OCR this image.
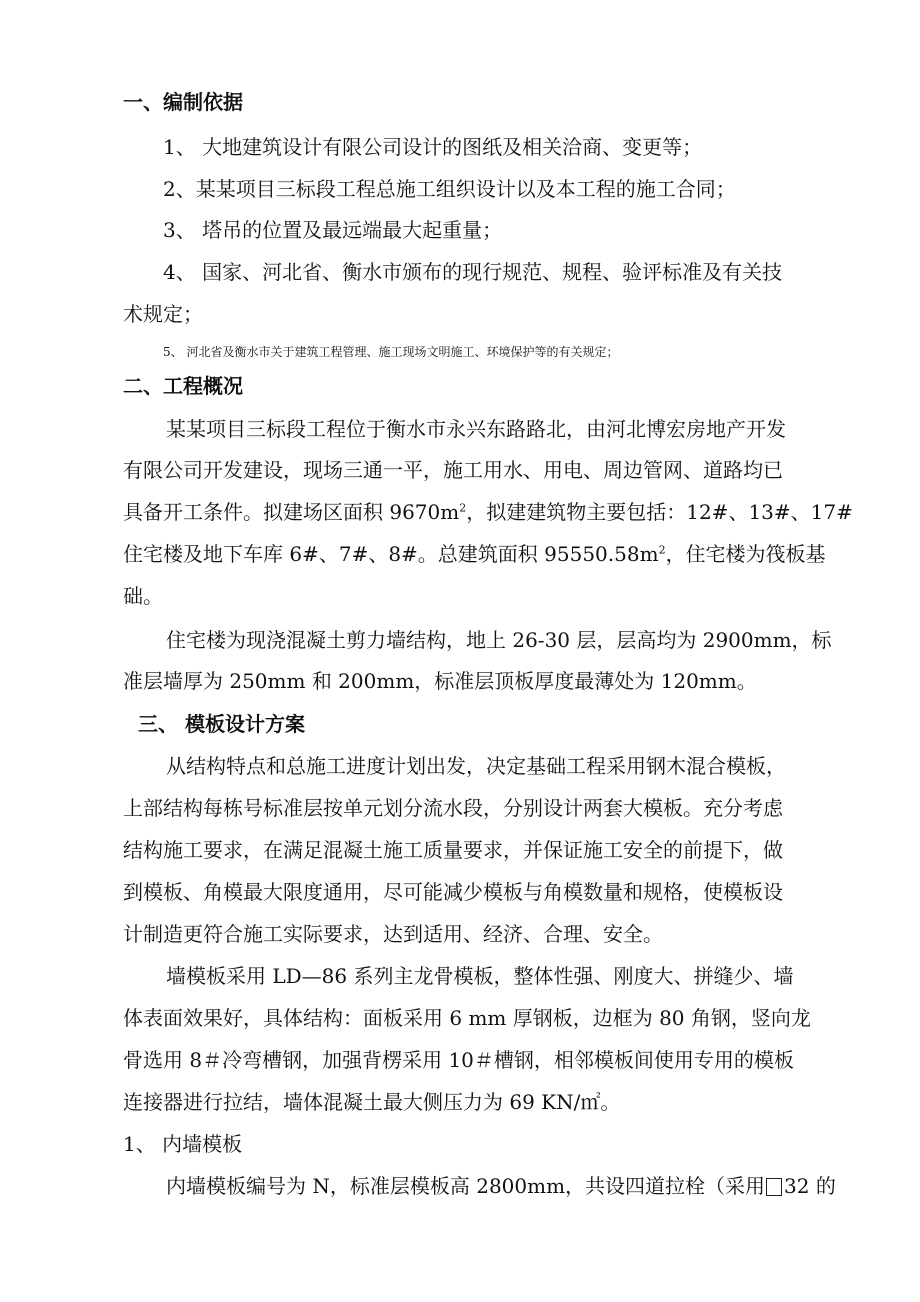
一、编制依据
1、 大地建筑设计有限公司设计的图纸及相关洽商、变更等；
2、某某项目三标段工程总施工组织设计以及本工程的施工合同；
3、 塔吊的位置及最远端最大起重量；
4、 国家、河北省、衡水市颁布的现行规范、规程、验评标准及有关技
术规定；
5、 河北省及衡水市关于建筑工程管理、施工现场文明施工、环境保护等的有关规定；
二、工程概况
某某项目三标段工程位于衡水市永兴东路路北，由河北博宏房地产开发
有限公司开发建设，现场三通一平，施工用水、用电、周边管网、道路均已
具备开工条件。拟建场区面积 $9670m^2$，拟建建筑物主要包括：12#、13#、17#
住宅楼及地下车库 6#、7#、8#。总建筑面积 $95550.58m^2$，住宅楼为筏板基
础。
住宅楼为现浇混凝土剪力墙结构，地上 26-30 层，层高均为 2900mm，标
准层墙厚为 250mm 和 200mm，标准层顶板厚度最薄处为 120mm。
三、 模板设计方案
从结构特点和总施工进度计划出发，决定基础工程采用钢木混合模板，
上部结构每栋号标准层按单元划分流水段，分别设计两套大模板。充分考虑
结构施工要求，在满足混凝土施工质量要求，并保证施工安全的前提下，做
到模板、角模最大限度通用，尽可能减少模板与角模数量和规格，使模板设
计制造更符合施工实际要求，达到适用、经济、合理、安全。
墙模板采用 LD—86 系列主龙骨模板，整体性强、刚度大、拼缝少、墙
体表面效果好，具体结构：面板采用 6 mm 厚钢板，边框为 80 角钢，竖向龙
骨选用 8＃冷弯槽钢，加强背楞采用 10＃槽钢，相邻模板间使用专用的模板
连接器进行拉结，墙体混凝土最大侧压力为 69 KN/㎡。
1、 内墙模板
内墙模板编号为 N，标准层模板高 2800mm，共设四道拉栓（采用 32 的
